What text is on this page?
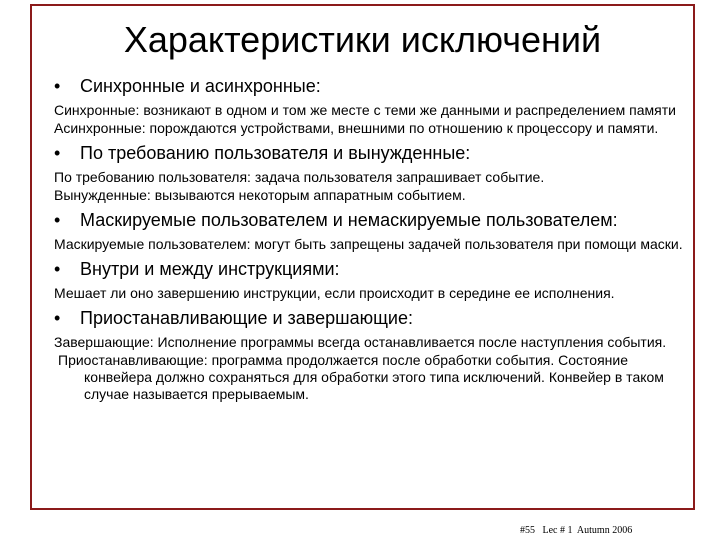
Характеристики исключений
•	Синхронные и асинхронные:
Синхронные: возникают в одном и том же месте с теми же данными и распределением памяти
Асинхронные: порождаются устройствами, внешними по отношению к процессору и памяти.
•	По требованию пользователя и вынужденные:
По требованию пользователя: задача пользователя запрашивает событие.
Вынужденные: вызываются некоторым аппаратным событием.
•	Маскируемые пользователем и немаскируемые пользователем:
Маскируемые пользователем: могут быть запрещены задачей пользователя при помощи маски.
•	Внутри и между инструкциями:
Мешает ли оно завершению инструкции, если происходит в середине ее исполнения.
•	Приостанавливающие и завершающие:
Завершающие: Исполнение программы всегда останавливается после наступления события.
Приостанавливающие: программа продолжается после обработки события. Состояние конвейера должно сохраняться для обработки этого типа исключений. Конвейер в таком случае называется прерываемым.
#55   Lec # 1  Autumn 2006
